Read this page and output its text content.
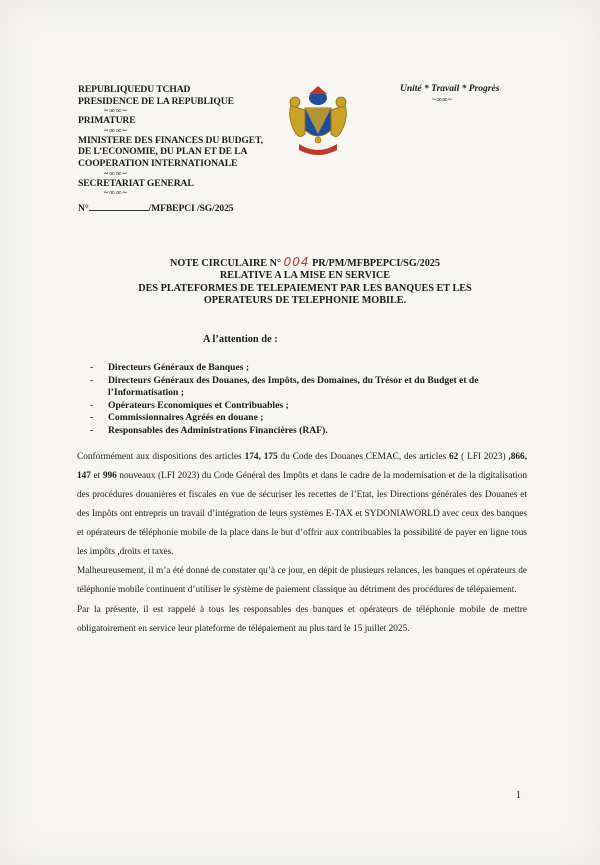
REPUBLIQUEDU TCHAD
PRESIDENCE DE LA REPUBLIQUE
~∞∞~
PRIMATURE
~∞∞~
MINISTERE DES FINANCES DU BUDGET,
DE L’ECONOMIE, DU PLAN ET DE LA
COOPERATION INTERNATIONALE
~∞∞~
SECRETARIAT GENERAL
~∞∞~
N°	/MFBEPCI /SG/2025
Unité * Travail * Progrès
~∞∞~
NOTE CIRCULAIRE N° 004 PR/PM/MFBPEPCI/SG/2025
RELATIVE A LA MISE EN SERVICE
DES PLATEFORMES DE TELEPAIEMENT PAR LES BANQUES ET LES
OPERATEURS DE TELEPHONIE MOBILE.
A l’attention de :
- Directeurs Généraux de Banques ;
- Directeurs Généraux des Douanes, des Impôts, des Domaines, du Trésor et du Budget et de l’Informatisation ;
- Opérateurs Economiques et Contribuables ;
- Commissionnaires Agréés en douane ;
- Responsables des Administrations Financières (RAF).

Conformément aux dispositions des articles 174, 175 du Code des Douanes CEMAC, des articles 62 ( LFI 2023) ,866, 147 et 996 nouveaux (LFI 2023) du Code Général des Impôts et dans le cadre de la modernisation et de la digitalisation des procédures douanières et fiscales en vue de sécuriser les recettes de l’Etat, les Directions générales des Douanes et des Impôts ont entrepris un travail d’intégration de leurs systèmes E-TAX et SYDONIAWORLD avec ceux des banques et opérateurs de téléphonie mobile de la place dans le but d’offrir aux contribuables la possibilité de payer en ligne tous les impôts ,droits et taxes.

Malheureusement, il m’a été donné de constater qu’à ce jour, en dépit de plusieurs relances, les banques et opérateurs de téléphonie mobile continuent d’utiliser le système de paiement classique au détriment des procédures de télépaiement.

Par la présente, il est rappelé à tous les responsables des banques et opérateurs de téléphonie mobile de mettre obligatoirement en service leur plateforme de télépaiement au plus tard le 15 juillet 2025.

1
